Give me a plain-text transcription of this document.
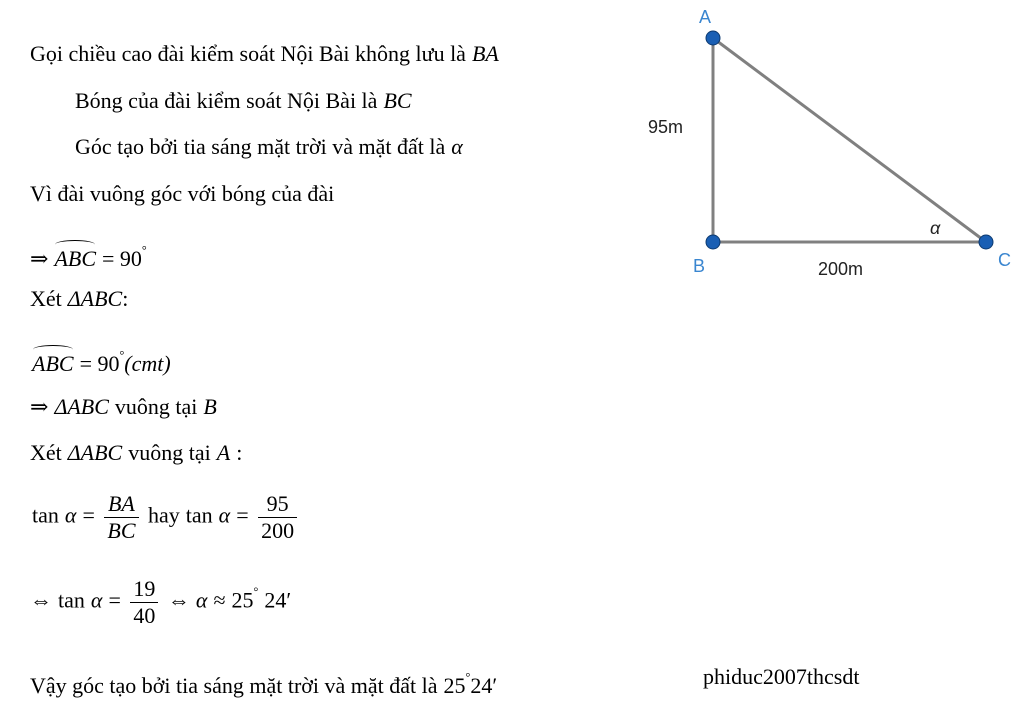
Gọi chiều cao đài kiểm soát Nội Bài không lưu là BA
Bóng của đài kiểm soát Nội Bài là BC
Góc tạo bởi tia sáng mặt trời và mặt đất là α
Vì đài vuông góc với bóng của đài
⇒ ABC = 90°
Xét ΔABC:
ABC = 90°(cmt)
⇒ ΔABC vuông tại B
Xét ΔABC vuông tại A :
$\tan \alpha = \frac{BA}{BC}$ hay $\tan \alpha = \frac{95}{200}$
⇔ $\tan \alpha = \frac{19}{40}$ ⇔ α ≈ 25° 24′
Vậy góc tạo bởi tia sáng mặt trời và mặt đất là 25°24′	phiduc2007thcsdt
A
B	C
95m
200m
α
